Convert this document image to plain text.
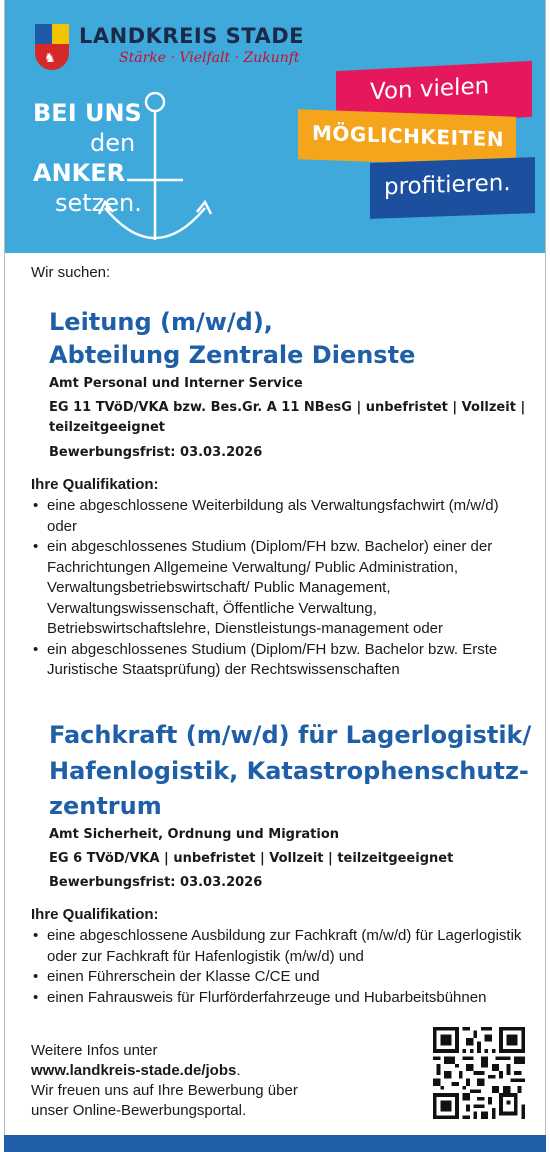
♞
LANDKREIS STADE
Stärke · Vielfalt · Zukunft
BEI UNS
den
ANKER
setzen.
Von vielen
MÖGLICHKEITEN
profitieren.
Wir suchen:
Leitung (m/w/d),
Abteilung Zentrale Dienste
Amt Personal und Interner Service
EG 11 TVöD/VKA bzw. Bes.Gr. A 11 NBesG | unbefristet | Vollzeit |
teilzeitgeeignet
Bewerbungsfrist: 03.03.2026
Ihre Qualifikation:
• eine abgeschlossene Weiterbildung als Verwaltungsfachwirt (m/w/d) oder
• ein abgeschlossenes Studium (Diplom/FH bzw. Bachelor) einer der Fachrichtungen Allgemeine Verwaltung/ Public Administration, Verwaltungsbetriebswirtschaft/ Public Management, Verwaltungswissenschaft, Öffentliche Verwaltung, Betriebswirtschaftslehre, Dienstleistungs-management oder
• ein abgeschlossenes Studium (Diplom/FH bzw. Bachelor bzw. Erste Juristische Staatsprüfung) der Rechtswissenschaften
Fachkraft (m/w/d) für Lagerlogistik/
Hafenlogistik, Katastrophenschutz-
zentrum
Amt Sicherheit, Ordnung und Migration
EG 6 TVöD/VKA | unbefristet | Vollzeit | teilzeitgeeignet
Bewerbungsfrist: 03.03.2026
Ihre Qualifikation:
• eine abgeschlossene Ausbildung zur Fachkraft (m/w/d) für Lagerlogistik oder zur Fachkraft für Hafenlogistik (m/w/d) und
• einen Führerschein der Klasse C/CE und
• einen Fahrausweis für Flurförderfahrzeuge und Hubarbeitsbühnen
Weitere Infos unter
www.landkreis-stade.de/jobs.
Wir freuen uns auf Ihre Bewerbung über
unser Online-Bewerbungsportal.
